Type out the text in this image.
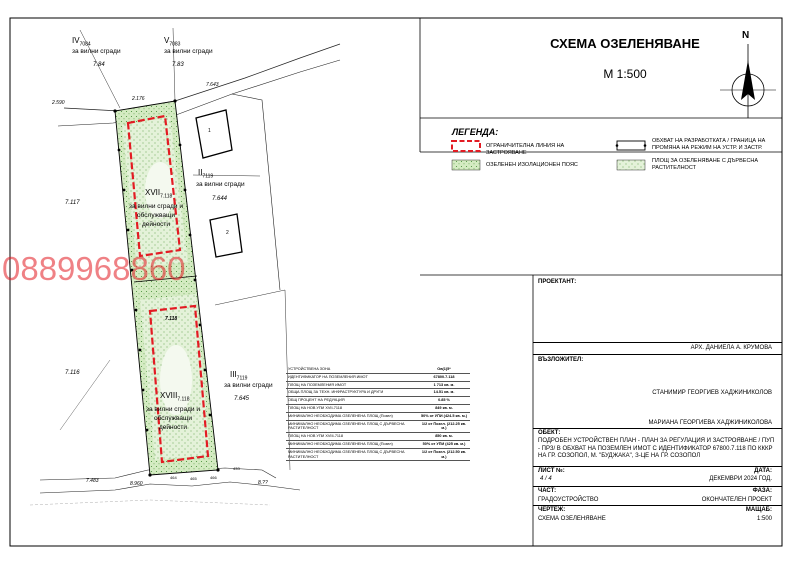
СХЕМА ОЗЕЛЕНЯВАНЕ
М 1:500
N
ЛЕГЕНДА:
ОГРАНИЧИТЕЛНА ЛИНИЯ НА ЗАСТРОЯВАНЕ
ОЗЕЛЕНЕН ИЗОЛАЦИОНЕН ПОЯС
ОБХВАТ НА РАЗРАБОТКАТА / ГРАНИЦА НА ПРОМЯНА НА РЕЖИМ НА УСТР. И ЗАСТР.
ПЛОЩ ЗА ОЗЕЛЕНЯВАНЕ С ДЪРВЕСНА РАСТИТЕЛНОСТ
$IV_{7084}$
за вилни сгради
7.84
$V_{7083}$
за вилни сгради
7.83
7.643
2.590
2.176
$II_{7119}$
за вилни сгради
7.644
1
2
$III_{7119}$
за вилни сгради
7.645
7.117
7.116
7.118
$XVII_{7.118}$
за вилни сгради и обслужващи дейности
$XVIII_{7.118}$
за вилни сгради и обслужващи дейности
7.483	8.960	8.??
464	465	466
433
0889968860
УСТРОЙСТВЕНА ЗОНА	Ов(1)5*
ИДЕНТИФИКАТОР НА ПОЗЕМЛЕНИЯ ИМОТ	67800.7.118
ПЛОЩ НА ПОЗЕМЛЕНИЯ ИМОТ	1 713 кв. м.
ОБЩА ПЛОЩ ЗА ТЕХН. ИНФРАСТРУКТУРА И ДРУГИ	14.51 кв. м.
ОБЩ ПРОЦЕНТ НА РЕДУКЦИЯ	0.85 %
ПЛОЩ НА НОВ УПИ XVII-7118	849 кв. м.
МИНИМАЛНО НЕОБХОДИМА ОЗЕЛЕНЕНА ПЛОЩ (Позел)	50% от УПИ (424.5 кв. м.)
МИНИМАЛНО НЕОБХОДИМА ОЗЕЛЕНЕНА ПЛОЩ С ДЪРВЕСНА РАСТИТЕЛНОСТ	1/2 от Позел. (212.25 кв. м.)
ПЛОЩ НА НОВ УПИ XVIII-7118	850 кв. м.
МИНИМАЛНО НЕОБХОДИМА ОЗЕЛЕНЕНА ПЛОЩ (Позел)	50% от УПИ (425 кв. м.)
МИНИМАЛНО НЕОБХОДИМА ОЗЕЛЕНЕНА ПЛОЩ С ДЪРВЕСНА РАСТИТЕЛНОСТ	1/2 от Позел. (212.50 кв. м.)
ПРОЕКТАНТ:
АРХ. ДАНИЕЛА А. КРУМОВА
ВЪЗЛОЖИТЕЛ:
СТАНИМИР ГЕОРГИЕВ ХАДЖИНИКОЛОВ
МАРИАНА ГЕОРГИЕВА ХАДЖИНИКОЛОВА
ОБЕКТ:
ПОДРОБЕН УСТРОЙСТВЕН ПЛАН - ПЛАН ЗА РЕГУЛАЦИЯ И ЗАСТРОЯВАНЕ / ПУП - ПРЗ/ В ОБХВАТ НА ПОЗЕМЛЕН ИМОТ С ИДЕНТИФИКАТОР 67800.7.118 ПО КККР НА ГР. СОЗОПОЛ, М. "БУДЖАКА", З-ЦЕ НА ГР. СОЗОПОЛ
ЛИСТ №:	ДАТА:
4 / 4	ДЕКЕМВРИ 2024 ГОД.
ЧАСТ:	ФАЗА:
ГРАДОУСТРОЙСТВО	ОКОНЧАТЕЛЕН ПРОЕКТ
ЧЕРТЕЖ:	МАЩАБ:
СХЕМА ОЗЕЛЕНЯВАНЕ	1:500
